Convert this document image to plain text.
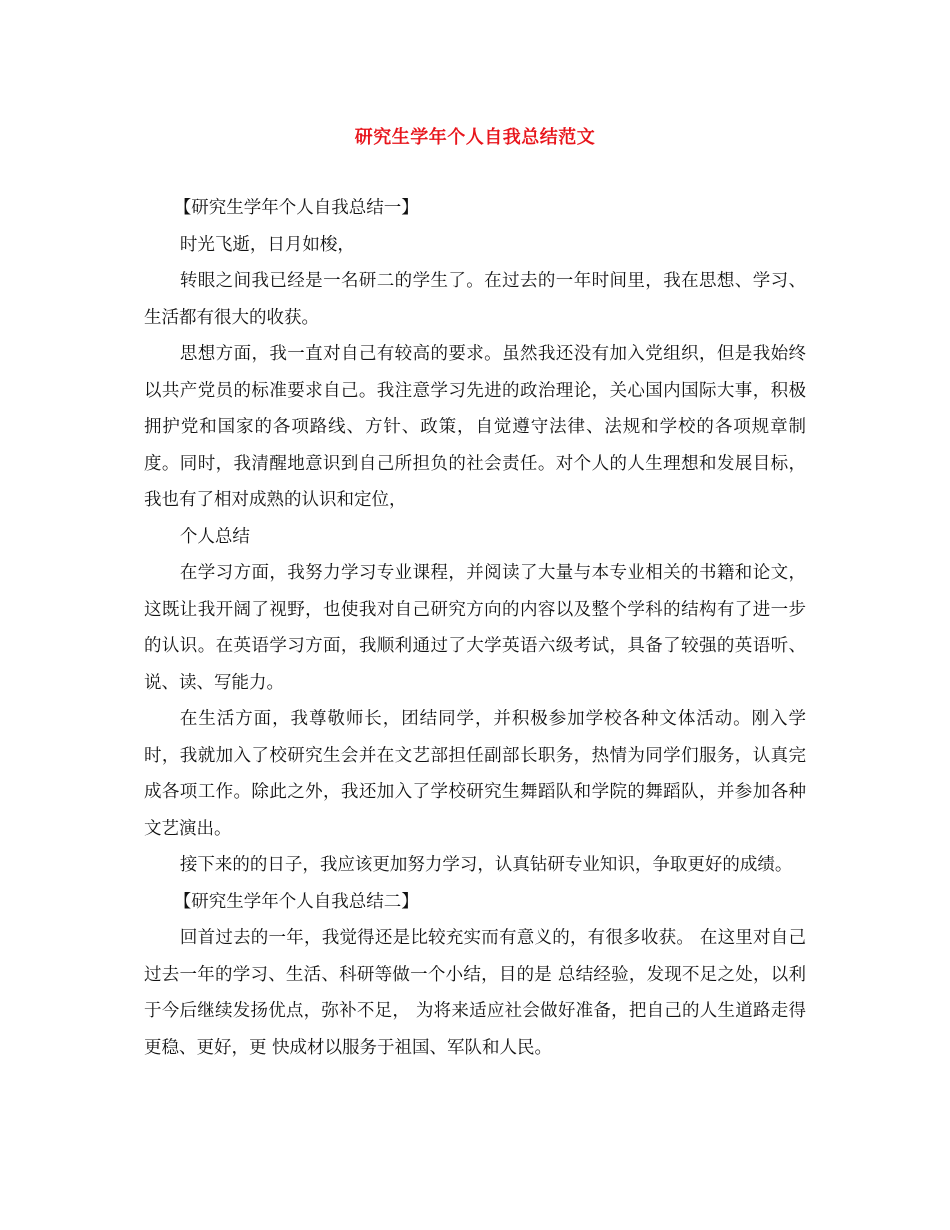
研究生学年个人自我总结范文

【研究生学年个人自我总结一】

时光飞逝，日月如梭，

转眼之间我已经是一名研二的学生了。在过去的一年时间里，我在思想、学习、生活都有很大的收获。

思想方面，我一直对自己有较高的要求。虽然我还没有加入党组织，但是我始终以共产党员的标准要求自己。我注意学习先进的政治理论，关心国内国际大事，积极拥护党和国家的各项路线、方针、政策，自觉遵守法律、法规和学校的各项规章制度。同时，我清醒地意识到自己所担负的社会责任。对个人的人生理想和发展目标，我也有了相对成熟的认识和定位，

个人总结

在学习方面，我努力学习专业课程，并阅读了大量与本专业相关的书籍和论文，这既让我开阔了视野，也使我对自己研究方向的内容以及整个学科的结构有了进一步的认识。在英语学习方面，我顺利通过了大学英语六级考试，具备了较强的英语听、说、读、写能力。

在生活方面，我尊敬师长，团结同学，并积极参加学校各种文体活动。刚入学时，我就加入了校研究生会并在文艺部担任副部长职务，热情为同学们服务，认真完成各项工作。除此之外，我还加入了学校研究生舞蹈队和学院的舞蹈队，并参加各种文艺演出。

接下来的的日子，我应该更加努力学习，认真钻研专业知识，争取更好的成绩。

【研究生学年个人自我总结二】

回首过去的一年，我觉得还是比较充实而有意义的，有很多收获。 在这里对自己过去一年的学习、生活、科研等做一个小结，目的是 总结经验，发现不足之处，以利于今后继续发扬优点，弥补不足， 为将来适应社会做好准备，把自己的人生道路走得更稳、更好，更 快成材以服务于祖国、军队和人民。
